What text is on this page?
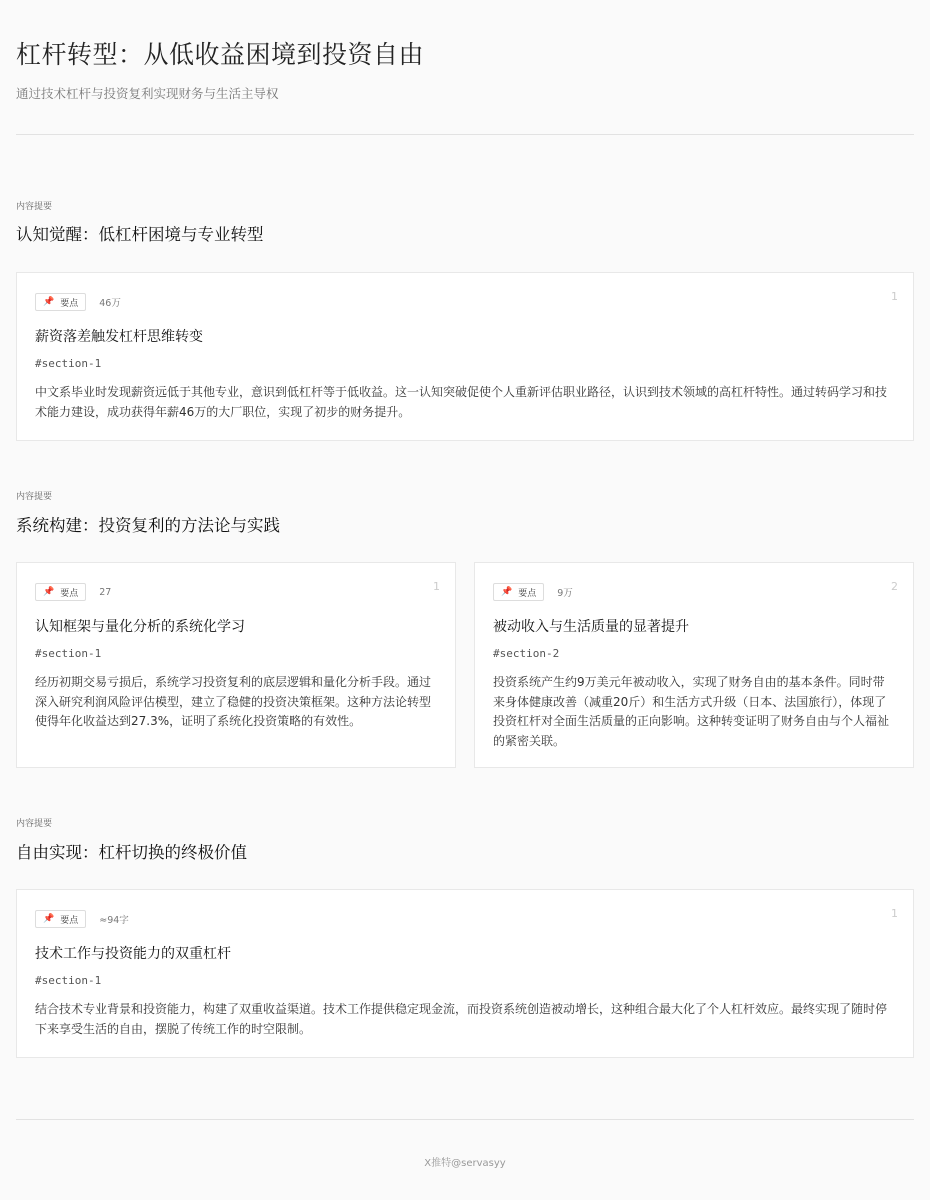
杠杆转型：从低收益困境到投资自由
通过技术杠杆与投资复利实现财务与生活主导权
内容提要
认知觉醒：低杠杆困境与专业转型
📌 要点 46万
1
薪资落差触发杠杆思维转变
#section-1

中文系毕业时发现薪资远低于其他专业，意识到低杠杆等于低收益。这一认知突破促使个人重新评估职业路径，认识到技术领域的高杠杆特性。通过转码学习和技术能力建设，成功获得年薪46万的大厂职位，实现了初步的财务提升。

内容提要
系统构建：投资复利的方法论与实践
📌 要点 27	1
认知框架与量化分析的系统化学习
#section-1

经历初期交易亏损后，系统学习投资复利的底层逻辑和量化分析手段。通过深入研究利润风险评估模型，建立了稳健的投资决策框架。这种方法论转型使得年化收益达到27.3%，证明了系统化投资策略的有效性。

📌 要点 9万
2
被动收入与生活质量的显著提升
#section-2

投资系统产生约9万美元年被动收入，实现了财务自由的基本条件。同时带来身体健康改善（减重20斤）和生活方式升级（日本、法国旅行），体现了投资杠杆对全面生活质量的正向影响。这种转变证明了财务自由与个人福祉的紧密关联。

内容提要
自由实现：杠杆切换的终极价值
📌 要点 ≈94字
1
技术工作与投资能力的双重杠杆
#section-1

结合技术专业背景和投资能力，构建了双重收益渠道。技术工作提供稳定现金流，而投资系统创造被动增长，这种组合最大化了个人杠杆效应。最终实现了随时停下来享受生活的自由，摆脱了传统工作的时空限制。

X推特@servasyy
